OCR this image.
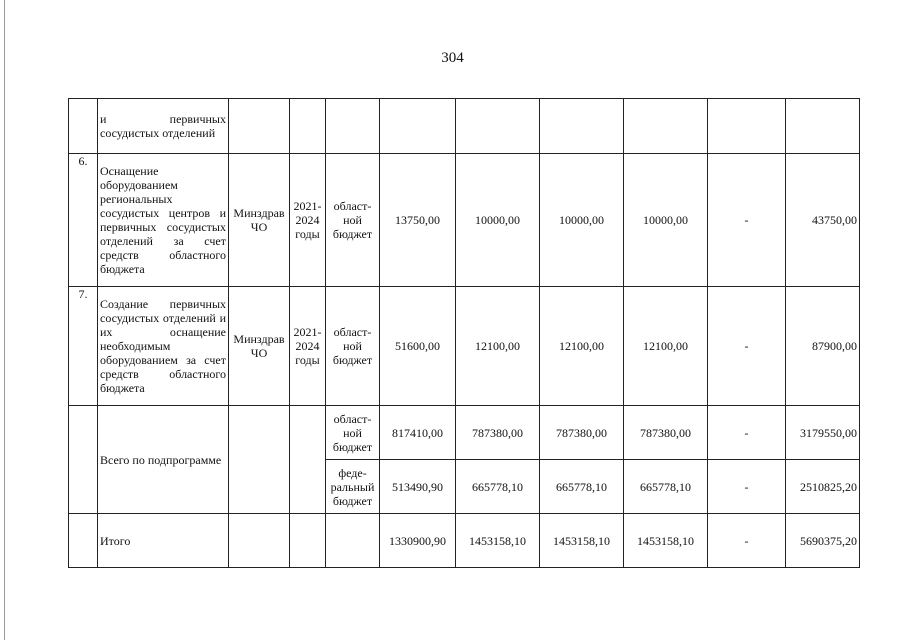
304
	и первичных сосудистых отделений									
6.	Оснащение оборудованием региональных сосудистых центров и первичных сосудистых отделений за счет средств областного бюджета	Минздрав ЧО	2021-2024 годы	област-ной бюджет	13750,00	10000,00	10000,00	10000,00	-	43750,00
7.	Создание первичных сосудистых отделений и их оснащение необходимым оборудованием за счет средств областного бюджета	Минздрав ЧО	2021-2024 годы	област-ной бюджет	51600,00	12100,00	12100,00	12100,00	-	87900,00
	Всего по подпрограмме			област-ной бюджет	817410,00	787380,00	787380,00	787380,00	-	3179550,00
				феде-ральный бюджет	513490,90	665778,10	665778,10	665778,10	-	2510825,20
	Итого				1330900,90	1453158,10	1453158,10	1453158,10	-	5690375,20
